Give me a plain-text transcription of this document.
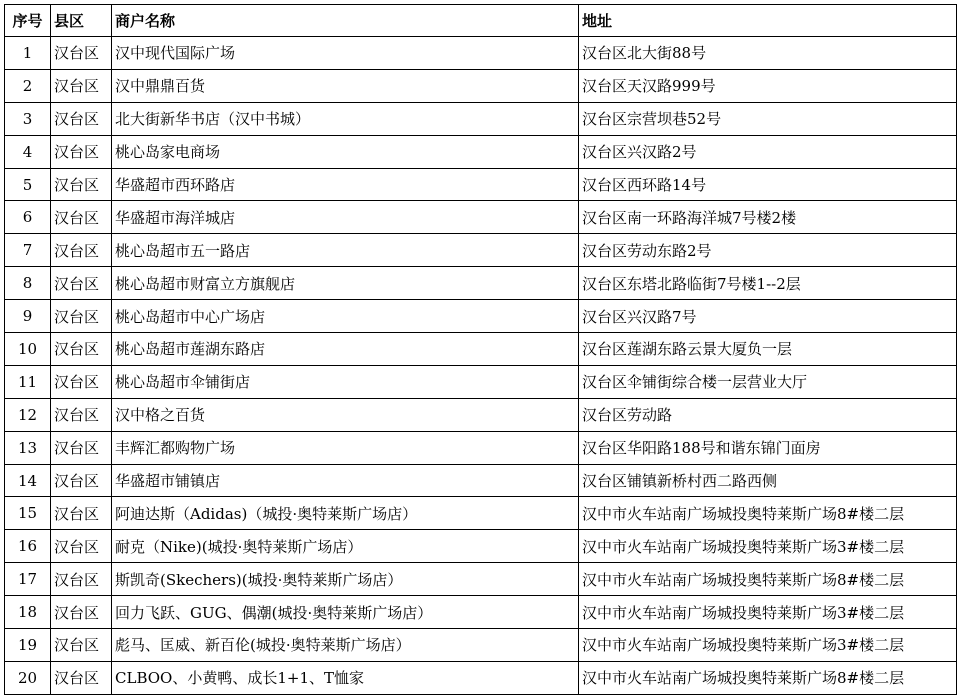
序号	县区	商户名称	地址
1	汉台区	汉中现代国际广场	汉台区北大街88号
2	汉台区	汉中鼎鼎百货	汉台区天汉路999号
3	汉台区	北大街新华书店（汉中书城）	汉台区宗营坝巷52号
4	汉台区	桃心岛家电商场	汉台区兴汉路2号
5	汉台区	华盛超市西环路店	汉台区西环路14号
6	汉台区	华盛超市海洋城店	汉台区南一环路海洋城7号楼2楼
7	汉台区	桃心岛超市五一路店	汉台区劳动东路2号
8	汉台区	桃心岛超市财富立方旗舰店	汉台区东塔北路临街7号楼1--2层
9	汉台区	桃心岛超市中心广场店	汉台区兴汉路7号
10	汉台区	桃心岛超市莲湖东路店	汉台区莲湖东路云景大厦负一层
11	汉台区	桃心岛超市伞铺街店	汉台区伞铺街综合楼一层营业大厅
12	汉台区	汉中格之百货	汉台区劳动路
13	汉台区	丰辉汇都购物广场	汉台区华阳路188号和谐东锦门面房
14	汉台区	华盛超市铺镇店	汉台区铺镇新桥村西二路西侧
15	汉台区	阿迪达斯（Adidas)（城投·奥特莱斯广场店）	汉中市火车站南广场城投奥特莱斯广场8#楼二层
16	汉台区	耐克（Nike)(城投·奥特莱斯广场店）	汉中市火车站南广场城投奥特莱斯广场3#楼二层
17	汉台区	斯凯奇(Skechers)(城投·奥特莱斯广场店）	汉中市火车站南广场城投奥特莱斯广场8#楼二层
18	汉台区	回力飞跃、GUG、偶潮(城投·奥特莱斯广场店）	汉中市火车站南广场城投奥特莱斯广场3#楼二层
19	汉台区	彪马、匡威、新百伦(城投·奥特莱斯广场店）	汉中市火车站南广场城投奥特莱斯广场3#楼二层
20	汉台区	CLBOO、小黄鸭、成长1+1、T恤家	汉中市火车站南广场城投奥特莱斯广场8#楼二层
